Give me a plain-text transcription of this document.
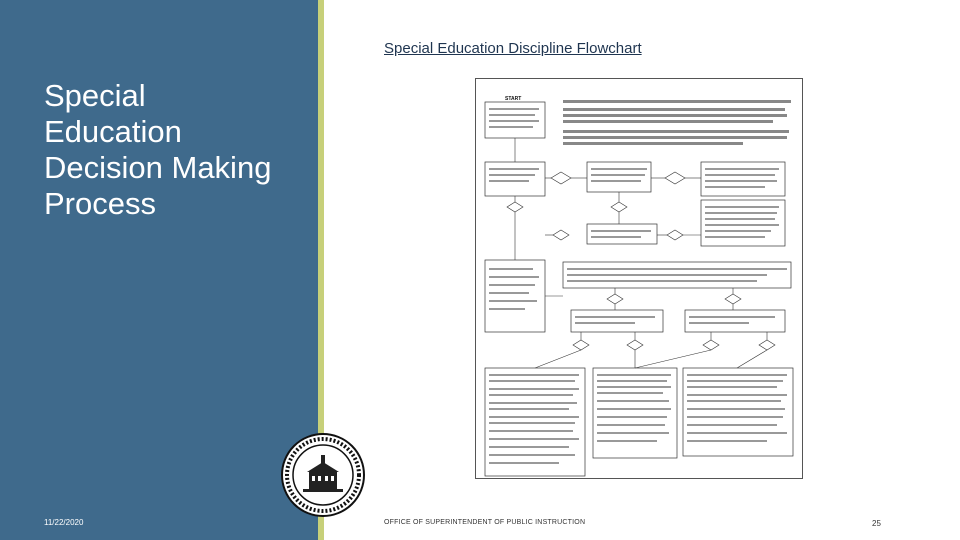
Special
Education
Decision Making
Process
11/22/2020
Special Education Discipline Flowchart
START
OFFICE OF SUPERINTENDENT OF PUBLIC INSTRUCTION	25
